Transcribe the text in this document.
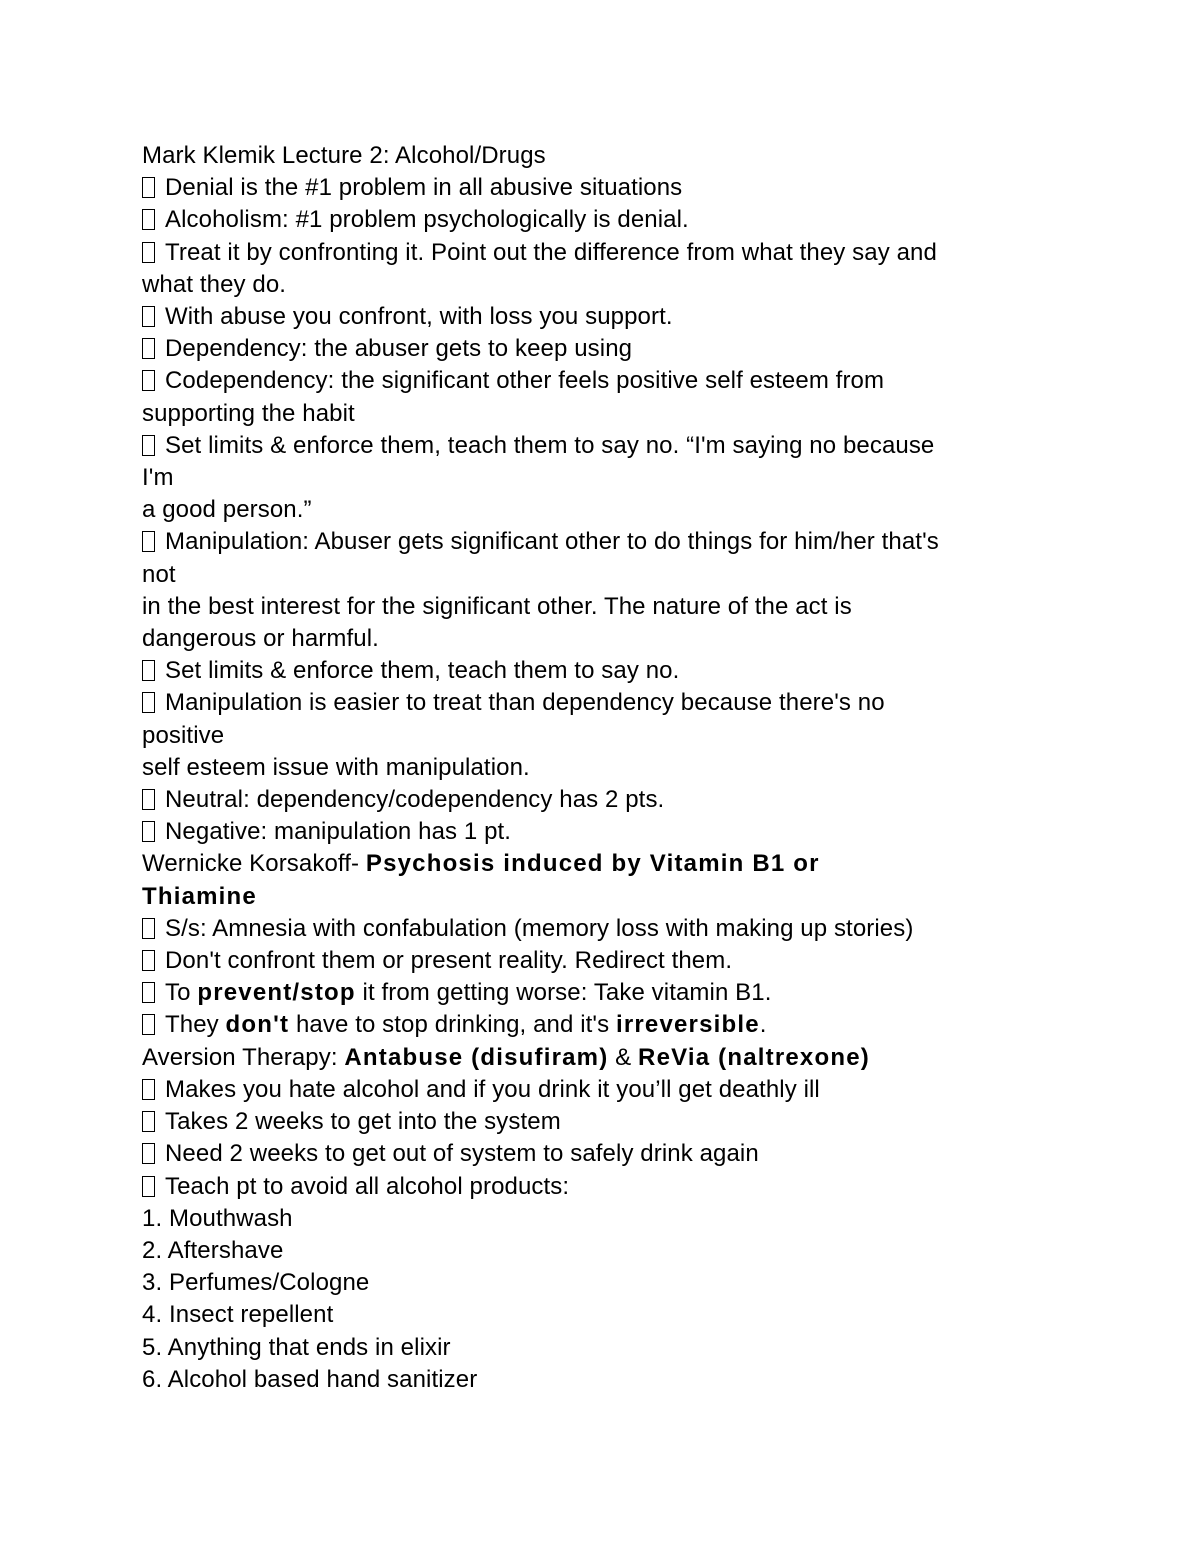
Mark Klemik Lecture 2: Alcohol/Drugs
Denial is the #1 problem in all abusive situations
Alcoholism: #1 problem psychologically is denial.
Treat it by confronting it. Point out the difference from what they say and
what they do.
With abuse you confront, with loss you support.
Dependency: the abuser gets to keep using
Codependency: the significant other feels positive self esteem from
supporting the habit
Set limits & enforce them, teach them to say no. “I'm saying no because
I'm
a good person.”
Manipulation: Abuser gets significant other to do things for him/her that's
not
in the best interest for the significant other. The nature of the act is
dangerous or harmful.
Set limits & enforce them, teach them to say no.
Manipulation is easier to treat than dependency because there's no
positive
self esteem issue with manipulation.
Neutral: dependency/codependency has 2 pts.
Negative: manipulation has 1 pt.
Wernicke Korsakoff- Psychosis induced by Vitamin B1 or
Thiamine
S/s: Amnesia with confabulation (memory loss with making up stories)
Don't confront them or present reality. Redirect them.
To prevent/stop it from getting worse: Take vitamin B1.
They don't have to stop drinking, and it's irreversible.
Aversion Therapy: Antabuse (disufiram) & ReVia (naltrexone)
Makes you hate alcohol and if you drink it you’ll get deathly ill
Takes 2 weeks to get into the system
Need 2 weeks to get out of system to safely drink again
Teach pt to avoid all alcohol products:
1. Mouthwash
2. Aftershave
3. Perfumes/Cologne
4. Insect repellent
5. Anything that ends in elixir
6. Alcohol based hand sanitizer
